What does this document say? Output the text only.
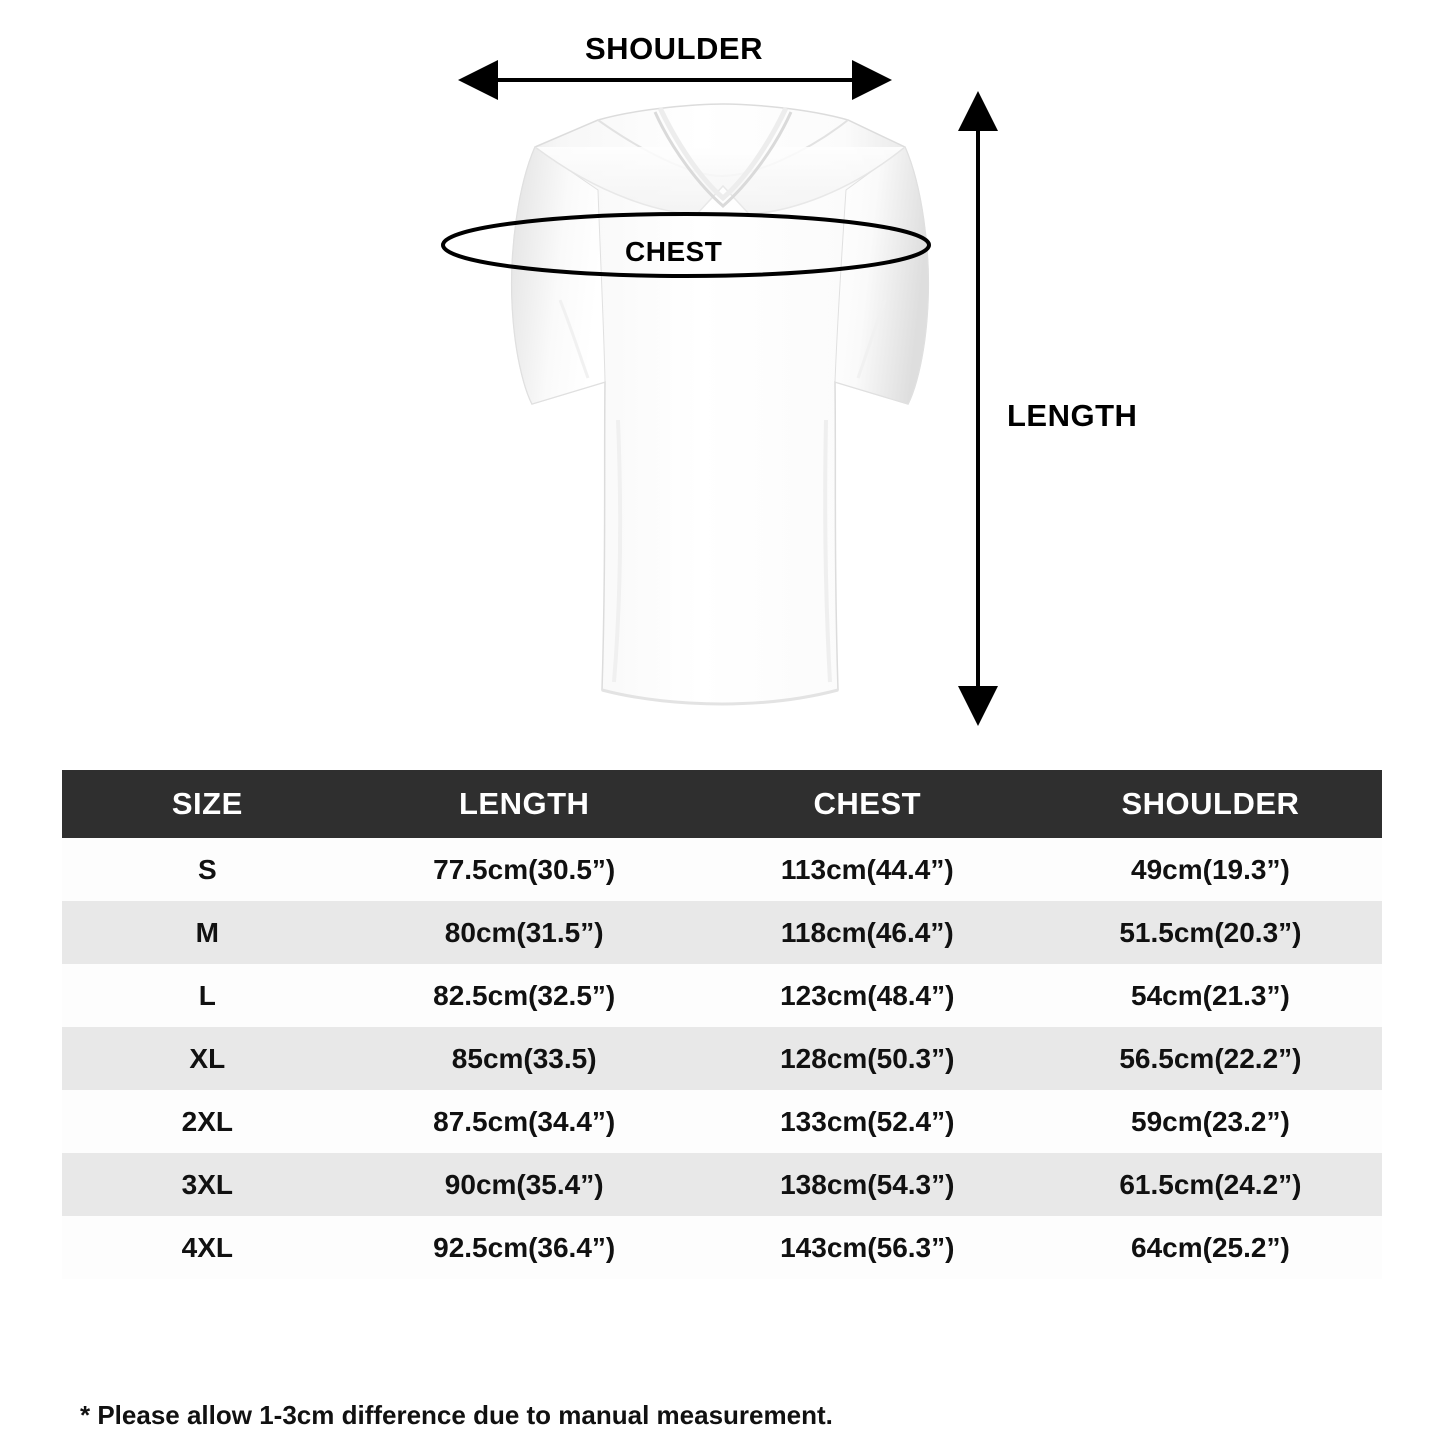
SHOULDER
LENGTH
CHEST
SIZE	LENGTH	CHEST	SHOULDER
S	77.5cm(30.5”)	113cm(44.4”)	49cm(19.3”)
M	80cm(31.5”)	118cm(46.4”)	51.5cm(20.3”)
L	82.5cm(32.5”)	123cm(48.4”)	54cm(21.3”)
XL	85cm(33.5)	128cm(50.3”)	56.5cm(22.2”)
2XL	87.5cm(34.4”)	133cm(52.4”)	59cm(23.2”)
3XL	90cm(35.4”)	138cm(54.3”)	61.5cm(24.2”)
4XL	92.5cm(36.4”)	143cm(56.3”)	64cm(25.2”)
* Please allow 1-3cm difference due to manual measurement.
